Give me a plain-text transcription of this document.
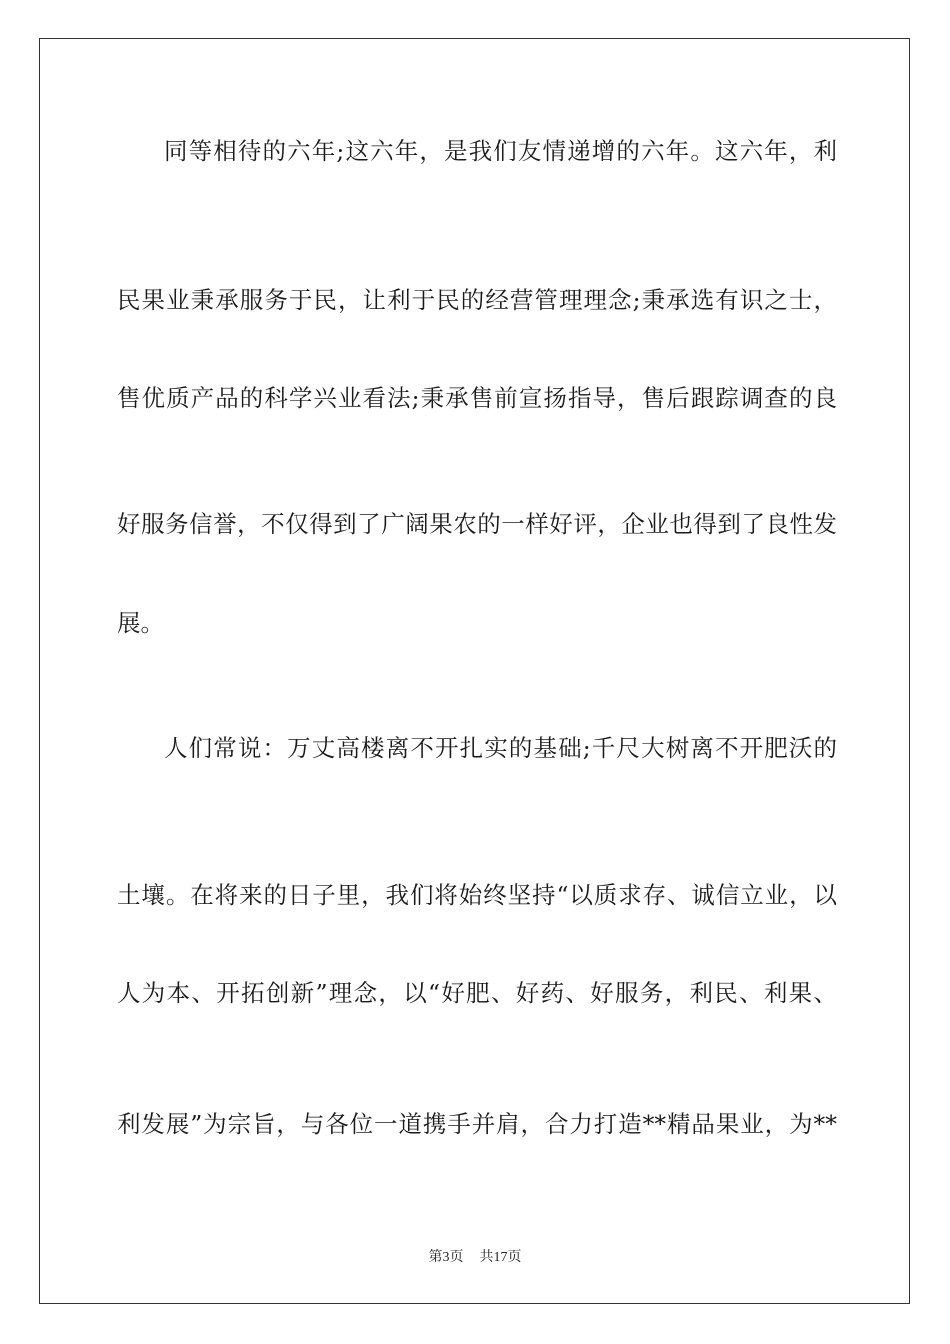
同等相待的六年;这六年，是我们友情递增的六年。这六年，利
民果业秉承服务于民，让利于民的经营管理理念;秉承选有识之士，
售优质产品的科学兴业看法;秉承售前宣扬指导，售后跟踪调查的良
好服务信誉，不仅得到了广阔果农的一样好评，企业也得到了良性发
展。
人们常说：万丈高楼离不开扎实的基础;千尺大树离不开肥沃的
土壤。在将来的日子里，我们将始终坚持“以质求存、诚信立业，以
人为本、开拓创新”理念，以“好肥、好药、好服务，利民、利果、
利发展”为宗旨，与各位一道携手并肩，合力打造**精品果业，为**
第3页 共17页
